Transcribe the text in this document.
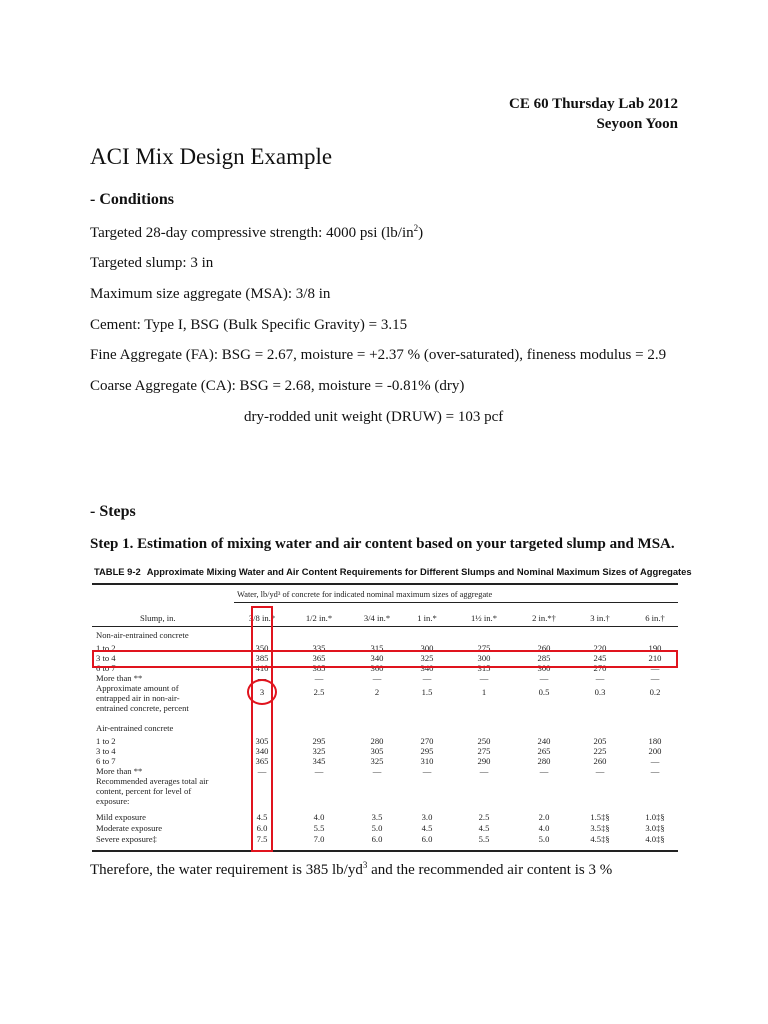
CE 60 Thursday Lab 2012
Seyoon Yoon
ACI Mix Design Example
- Conditions
Targeted 28-day compressive strength: 4000 psi $(lb/in^2)$
Targeted slump: 3 in
Maximum size aggregate (MSA): 3/8 in
Cement: Type I, BSG (Bulk Specific Gravity) = 3.15
Fine Aggregate (FA): BSG = 2.67, moisture = +2.37 % (over-saturated), fineness modulus = 2.9
Coarse Aggregate (CA): BSG = 2.68, moisture = -0.81% (dry)
dry-rodded unit weight (DRUW) = 103 pcf
- Steps
Step 1. Estimation of mixing water and air content based on your targeted slump and MSA.
TABLE 9-2 Approximate Mixing Water and Air Content Requirements for Different Slumps and Nominal Maximum Sizes of Aggregates
Water, lb/yd³ of concrete for indicated nominal maximum sizes of aggregate
Slump, in.	3/8 in.*	1/2 in.*	3/4 in.*	1 in.*	1½ in.*	2 in.*†	3 in.†	6 in.†
Non-air-entrained concrete
1 to 2	350	335	315	300	275	260	220	190
3 to 4	385	365	340	325	300	285	245	210
6 to 7	410	385	360	340	315	300	270	—
More than **	—	—	—	—	—	—	—	—
Approximate amount of
entrapped air in non-air-
entrained concrete, percent
3	2.5	2	1.5	1	0.5	0.3	0.2
Air-entrained concrete
1 to 2	305	295	280	270	250	240	205	180
3 to 4	340	325	305	295	275	265	225	200
6 to 7	365	345	325	310	290	280	260	—
More than **	—	—	—	—	—	—	—	—
Recommended averages total air
content, percent for level of
exposure:
Mild exposure	4.5	4.0	3.5	3.0	2.5	2.0	1.5‡§	1.0‡§
Moderate exposure	6.0	5.5	5.0	4.5	4.5	4.0	3.5‡§	3.0‡§
Severe exposure‡	7.5	7.0	6.0	6.0	5.5	5.0	4.5‡§	4.0‡§
Therefore, the water requirement is 385 $lb/yd^3$ and the recommended air content is 3 %
